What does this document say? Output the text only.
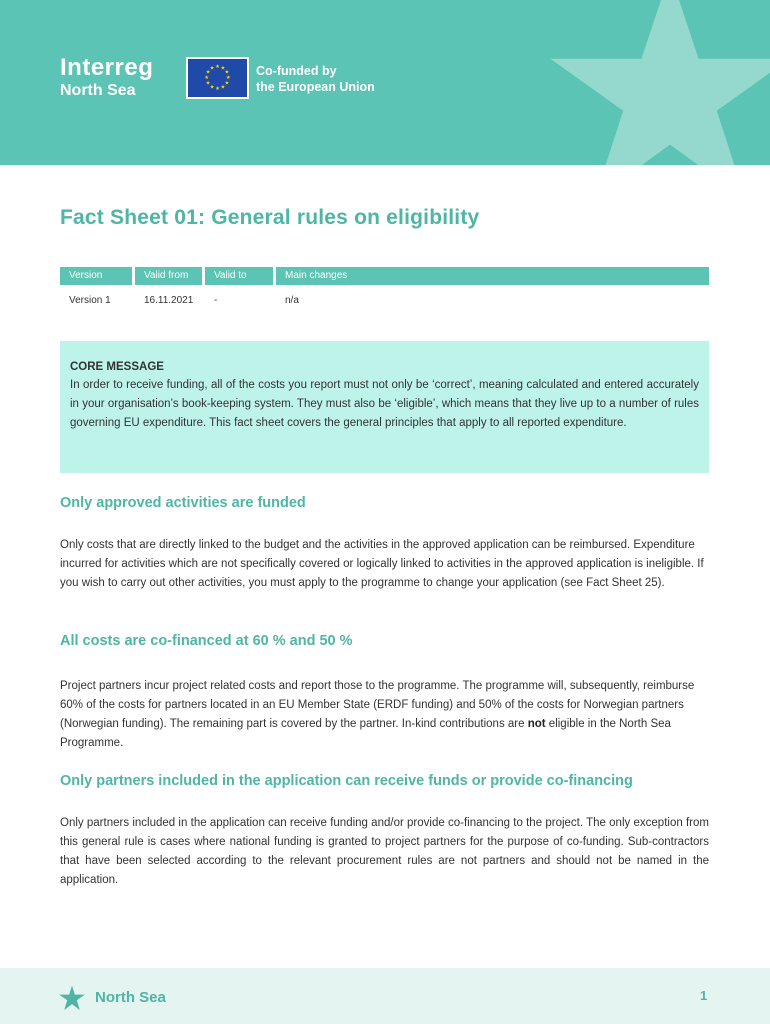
Interreg
North Sea
★ ★
★
★
★
★
★
★
★
★
★
★	Co-funded by
the European Union
Fact Sheet 01: General rules on eligibility
Version	Valid from	Valid to	Main changes
Version 1	16.11.2021	-	n/a
CORE MESSAGE

In order to receive funding, all of the costs you report must not only be ‘correct’, meaning calculated and entered accurately in your organisation’s book-keeping system. They must also be ‘eligible’, which means that they live up to a number of rules governing EU expenditure. This fact sheet covers the general principles that apply to all reported expenditure.

Only approved activities are funded

Only costs that are directly linked to the budget and the activities in the approved application can be reimbursed. Expenditure incurred for activities which are not specifically covered or logically linked to activities in the approved application is ineligible. If you wish to carry out other activities, you must apply to the programme to change your application (see Fact Sheet 25).

All costs are co-financed at 60 % and 50 %

Project partners incur project related costs and report those to the programme. The programme will, subsequently, reimburse 60% of the costs for partners located in an EU Member State (ERDF funding) and 50% of the costs for Norwegian partners (Norwegian funding). The remaining part is covered by the partner. In-kind contributions are not eligible in the North Sea Programme.

Only partners included in the application can receive funds or provide co-financing

Only partners included in the application can receive funding and/or provide co-financing to the project. The only exception from this general rule is cases where national funding is granted to project partners for the purpose of co-funding. Sub-contractors that have been selected according to the relevant procurement rules are not partners and should not be named in the application.

North Sea	1
